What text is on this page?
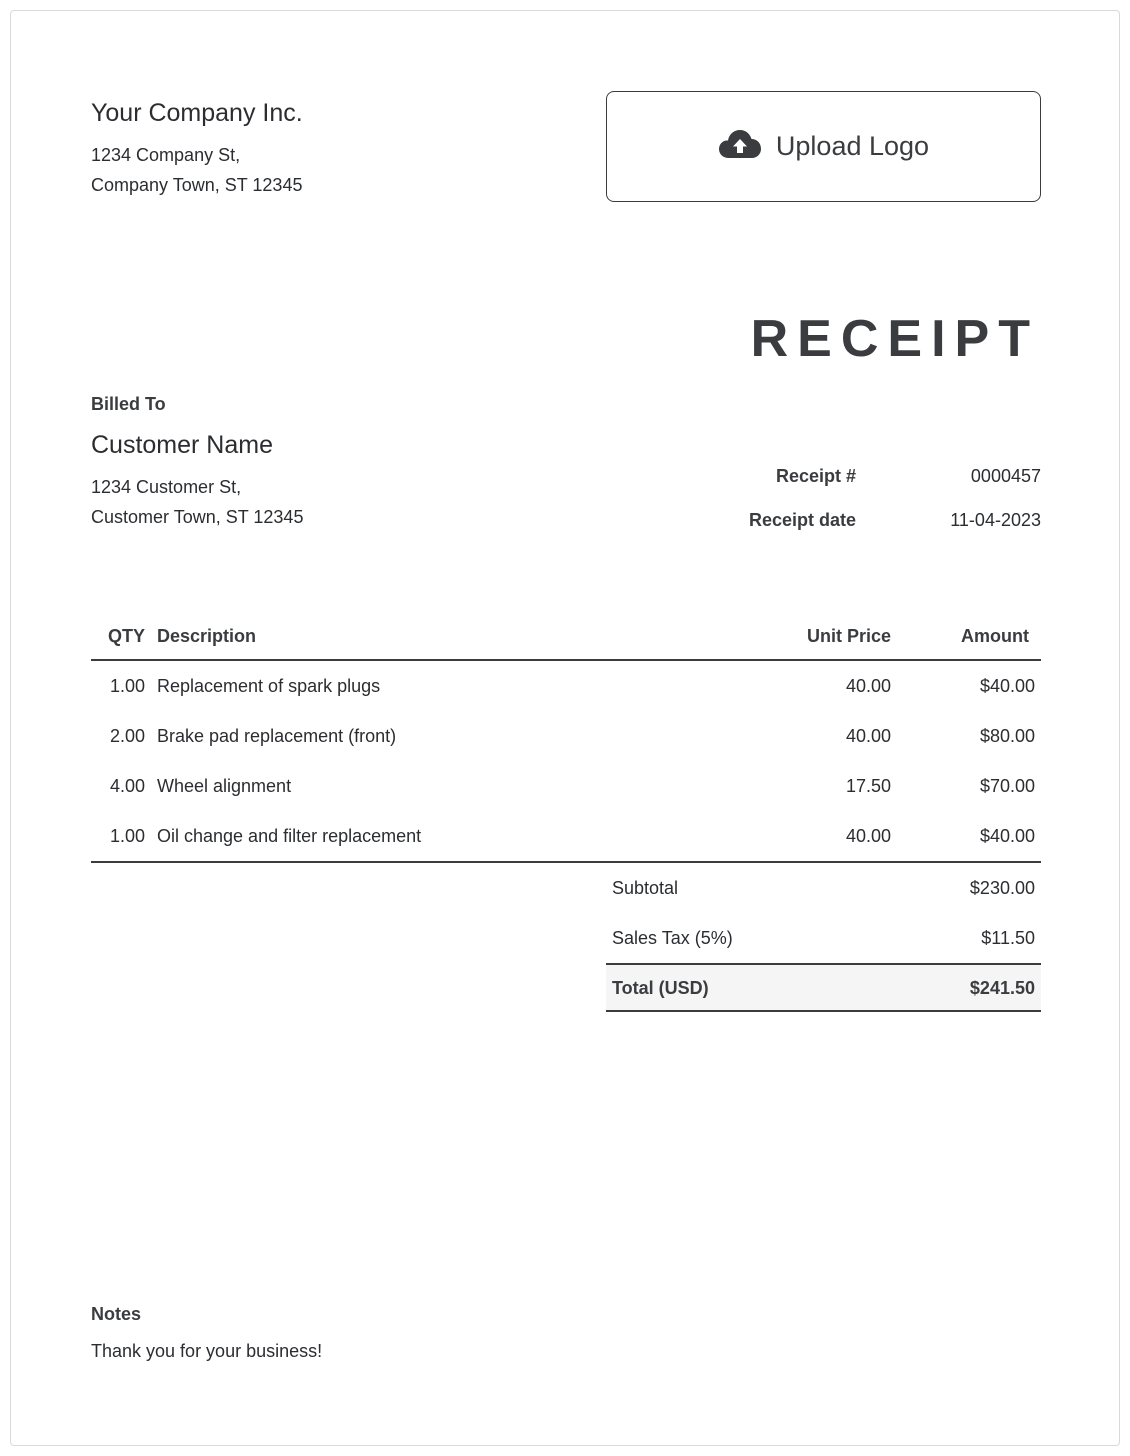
Your Company Inc.
1234 Company St,
Company Town, ST 12345
Upload Logo
RECEIPT
Billed To
Customer Name
1234 Customer St,
Customer Town, ST 12345
Receipt #	0000457
Receipt date	11-04-2023
QTY Description	Unit Price	Amount
1.00 Replacement of spark plugs	40.00	$40.00
2.00 Brake pad replacement (front)	40.00	$80.00
4.00 Wheel alignment	17.50	$70.00
1.00 Oil change and filter replacement	40.00	$40.00
Subtotal	$230.00
Sales Tax (5%)	$11.50
Total (USD)	$241.50
Notes
Thank you for your business!
